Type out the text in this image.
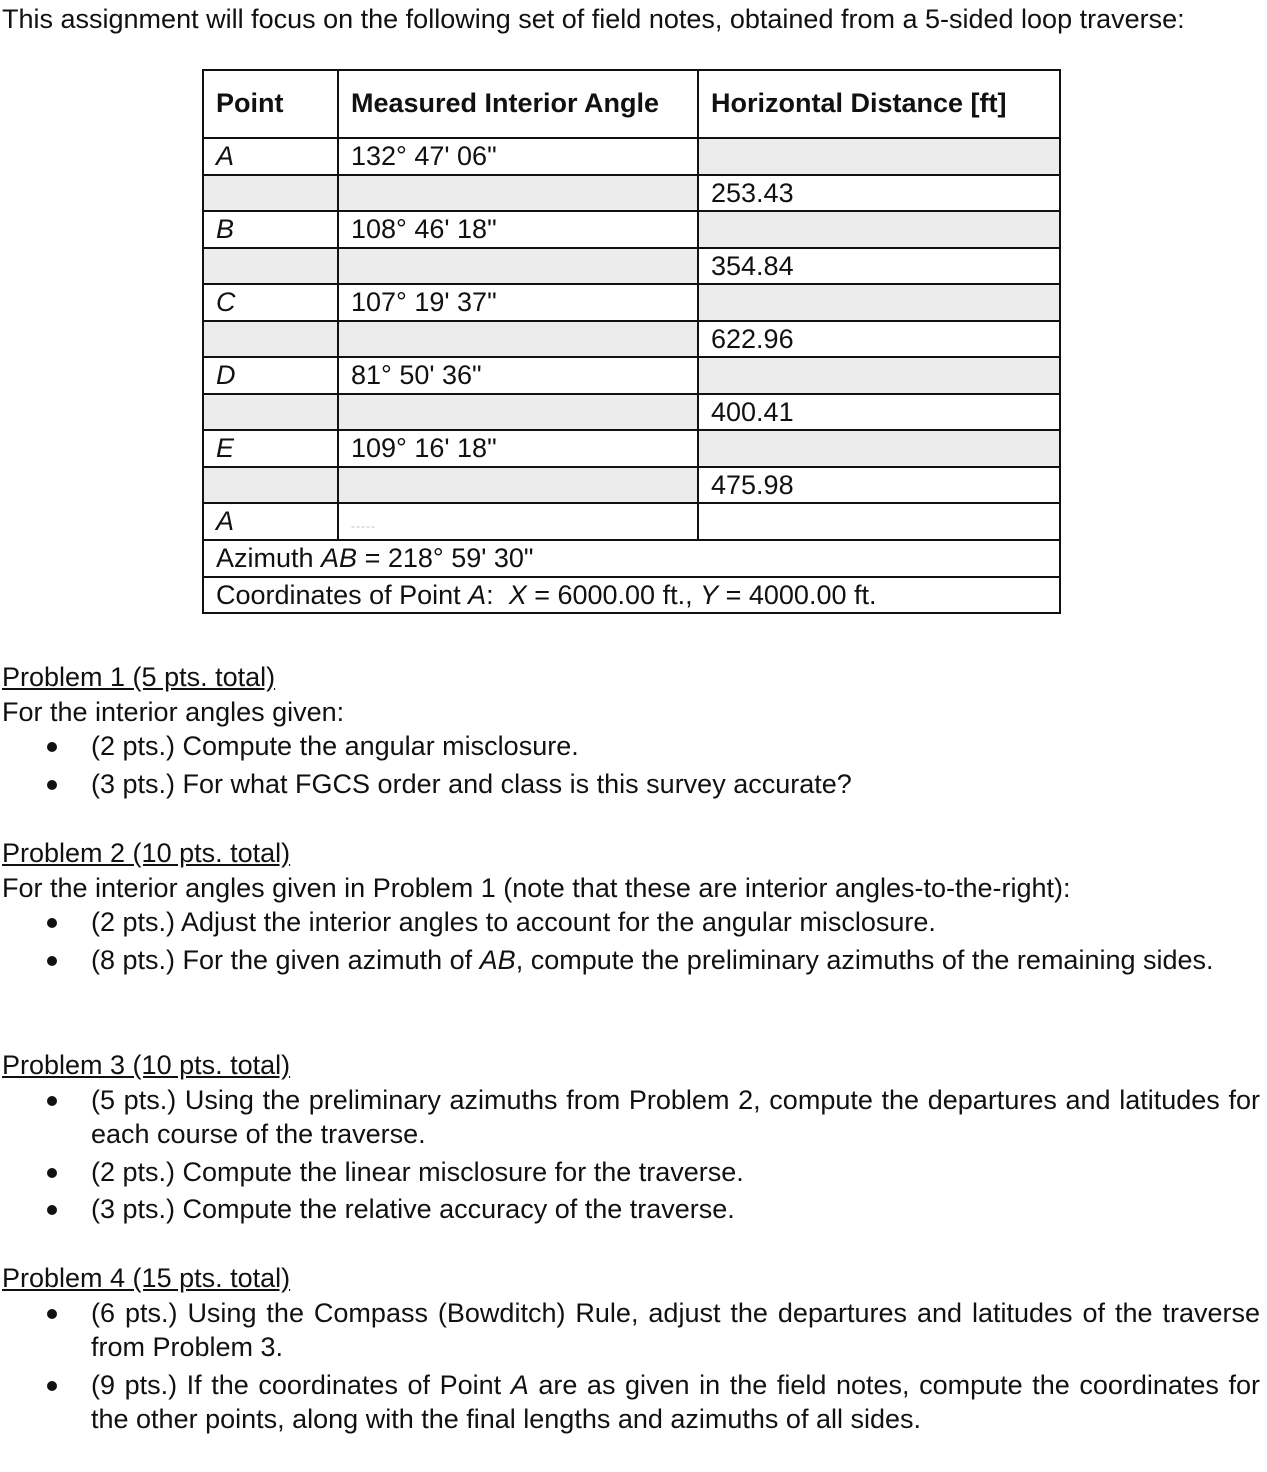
This assignment will focus on the following set of field notes, obtained from a 5-sided loop traverse:

Point	Measured Interior Angle	Horizontal Distance [ft]
A	132° 47' 06"	
		253.43
B	108° 46' 18"	
		354.84
C	107° 19' 37"	
		622.96
D	81° 50' 36"	
		400.41
E	109° 16' 18"	
		475.98
A	-----	
Azimuth AB = 218° 59' 30"		
Coordinates of Point A:  X = 6000.00 ft., Y = 4000.00 ft.		

Problem 1 (5 pts. total)

For the interior angles given:

(2 pts.) Compute the angular misclosure.
(3 pts.) For what FGCS order and class is this survey accurate?

Problem 2 (10 pts. total)

For the interior angles given in Problem 1 (note that these are interior angles-to-the-right):

(2 pts.) Adjust the interior angles to account for the angular misclosure.
(8 pts.) For the given azimuth of AB, compute the preliminary azimuths of the remaining sides.

Problem 3 (10 pts. total)

(5 pts.) Using the preliminary azimuths from Problem 2, compute the departures and latitudes for each course of the traverse.
(2 pts.) Compute the linear misclosure for the traverse.
(3 pts.) Compute the relative accuracy of the traverse.

Problem 4 (15 pts. total)

(6 pts.) Using the Compass (Bowditch) Rule, adjust the departures and latitudes of the traverse from Problem 3.
(9 pts.) If the coordinates of Point A are as given in the field notes, compute the coordinates for the other points, along with the final lengths and azimuths of all sides.
